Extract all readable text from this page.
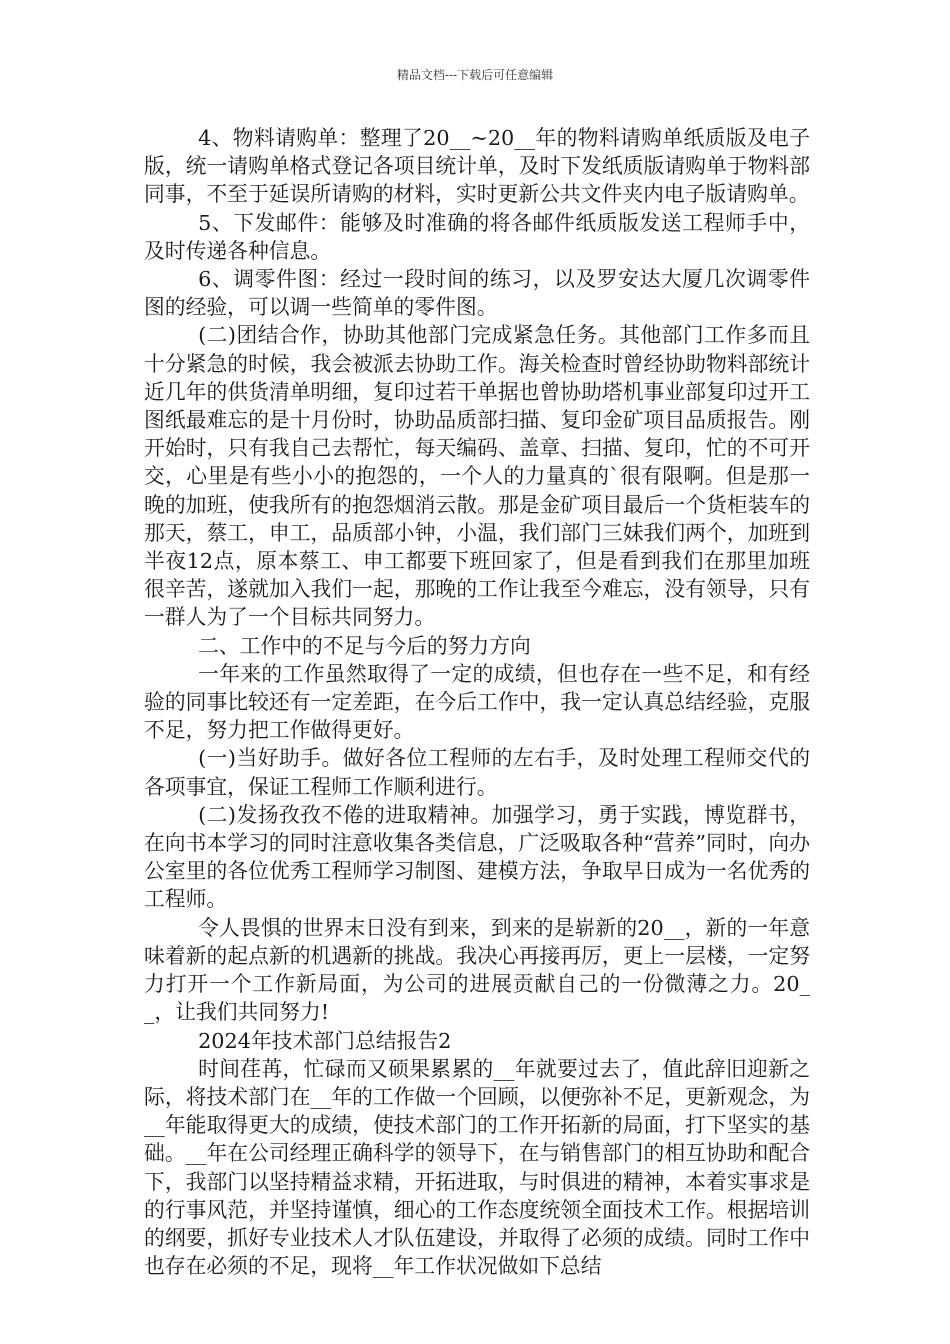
精品文档---下载后可任意编辑

4、物料请购单：整理了20__~20__年的物料请购单纸质版及电子版，统一请购单格式登记各项目统计单，及时下发纸质版请购单于物料部同事，不至于延误所请购的材料，实时更新公共文件夹内电子版请购单。

5、下发邮件：能够及时准确的将各邮件纸质版发送工程师手中，及时传递各种信息。

6、调零件图：经过一段时间的练习，以及罗安达大厦几次调零件图的经验，可以调一些简单的零件图。

(二)团结合作，协助其他部门完成紧急任务。其他部门工作多而且十分紧急的时候，我会被派去协助工作。海关检查时曾经协助物料部统计近几年的供货清单明细，复印过若干单据也曾协助塔机事业部复印过开工图纸最难忘的是十月份时，协助品质部扫描、复印金矿项目品质报告。刚开始时，只有我自己去帮忙，每天编码、盖章、扫描、复印，忙的不可开交，心里是有些小小的抱怨的，一个人的力量真的`很有限啊。但是那一晚的加班，使我所有的抱怨烟消云散。那是金矿项目最后一个货柜装车的那天，蔡工，申工，品质部小钟，小温，我们部门三妹我们两个，加班到半夜12点，原本蔡工、申工都要下班回家了，但是看到我们在那里加班很辛苦，遂就加入我们一起，那晚的工作让我至今难忘，没有领导，只有一群人为了一个目标共同努力。

二、工作中的不足与今后的努力方向

一年来的工作虽然取得了一定的成绩，但也存在一些不足，和有经验的同事比较还有一定差距，在今后工作中，我一定认真总结经验，克服不足，努力把工作做得更好。

(一)当好助手。做好各位工程师的左右手，及时处理工程师交代的各项事宜，保证工程师工作顺利进行。

(二)发扬孜孜不倦的进取精神。加强学习，勇于实践，博览群书，在向书本学习的同时注意收集各类信息，广泛吸取各种“营养”同时，向办公室里的各位优秀工程师学习制图、建模方法，争取早日成为一名优秀的工程师。

令人畏惧的世界末日没有到来，到来的是崭新的20__，新的一年意味着新的起点新的机遇新的挑战。我决心再接再厉，更上一层楼，一定努力打开一个工作新局面，为公司的进展贡献自己的一份微薄之力。20__，让我们共同努力!

2024年技术部门总结报告2

时间荏苒，忙碌而又硕果累累的__年就要过去了，值此辞旧迎新之际，将技术部门在__年的工作做一个回顾，以便弥补不足，更新观念，为__年能取得更大的成绩，使技术部门的工作开拓新的局面，打下坚实的基础。__年在公司经理正确科学的领导下，在与销售部门的相互协助和配合下，我部门以坚持精益求精，开拓进取，与时俱进的精神，本着实事求是的行事风范，并坚持谨慎，细心的工作态度统领全面技术工作。根据培训的纲要，抓好专业技术人才队伍建设，并取得了必须的成绩。同时工作中也存在必须的不足，现将__年工作状况做如下总结
